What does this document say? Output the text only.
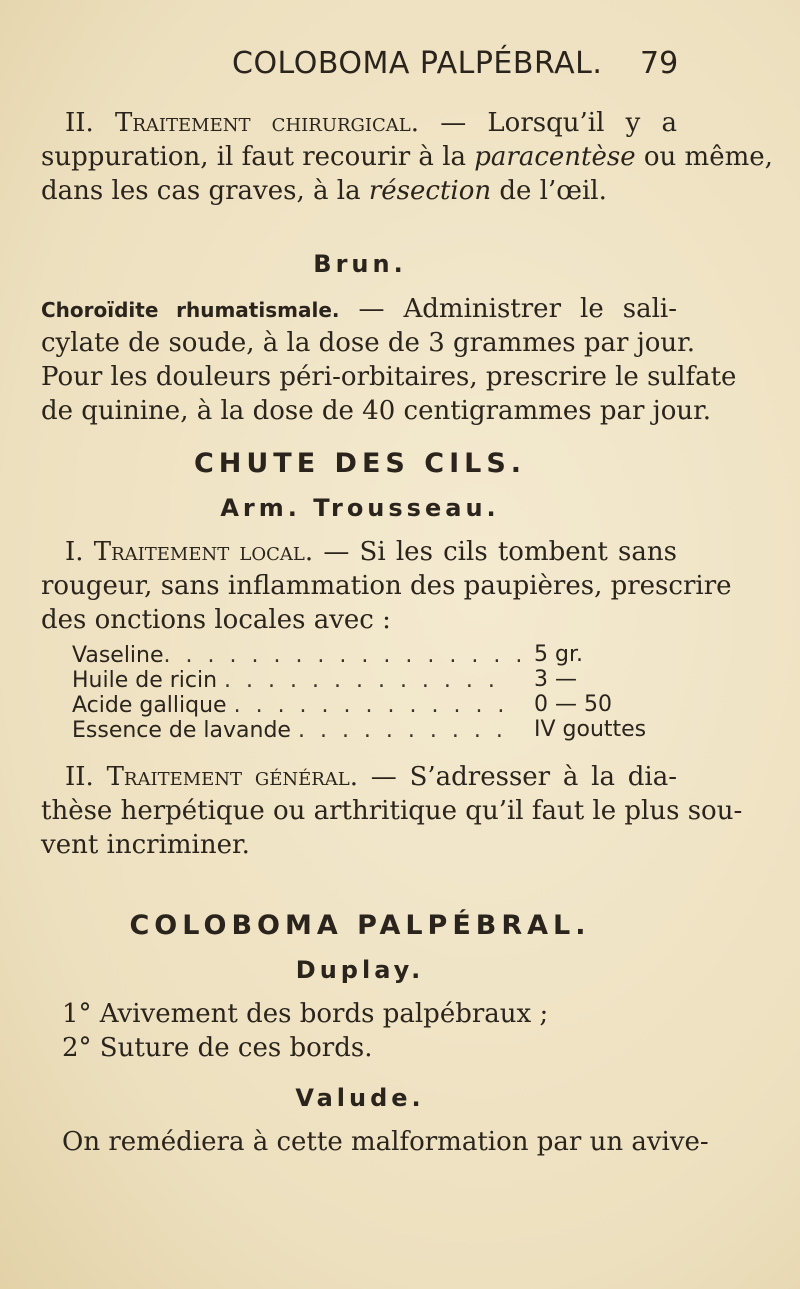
COLOBOMA PALPÉBRAL. 79
II. Traitement chirurgical. — Lorsqu’il y a
suppuration, il faut recourir à la paracentèse ou même,
dans les cas graves, à la résection de l’œil.
Brun.
Choroïdite rhumatismale. — Administrer le sali-
cylate de soude, à la dose de 3 grammes par jour.
Pour les douleurs péri-orbitaires, prescrire le sulfate
de quinine, à la dose de 40 centigrammes par jour.
CHUTE DES CILS.
Arm. Trousseau.
I. Traitement local. — Si les cils tombent sans
rougeur, sans inflammation des paupières, prescrire
des onctions locales avec :
Vaseline. . . . . . . . . . . . . . . . . 5 gr.
Huile de ricin . . . . . . . . . . . . . 3 —
Acide gallique . . . . . . . . . . . . . 0 — 50
Essence de lavande . . . . . . . . . . IV gouttes
II. Traitement général. — S’adresser à la dia-
thèse herpétique ou arthritique qu’il faut le plus sou-
vent incriminer.
COLOBOMA PALPÉBRAL.
Duplay.
1° Avivement des bords palpébraux ;
2° Suture de ces bords.
Valude.
On remédiera à cette malformation par un avive-
